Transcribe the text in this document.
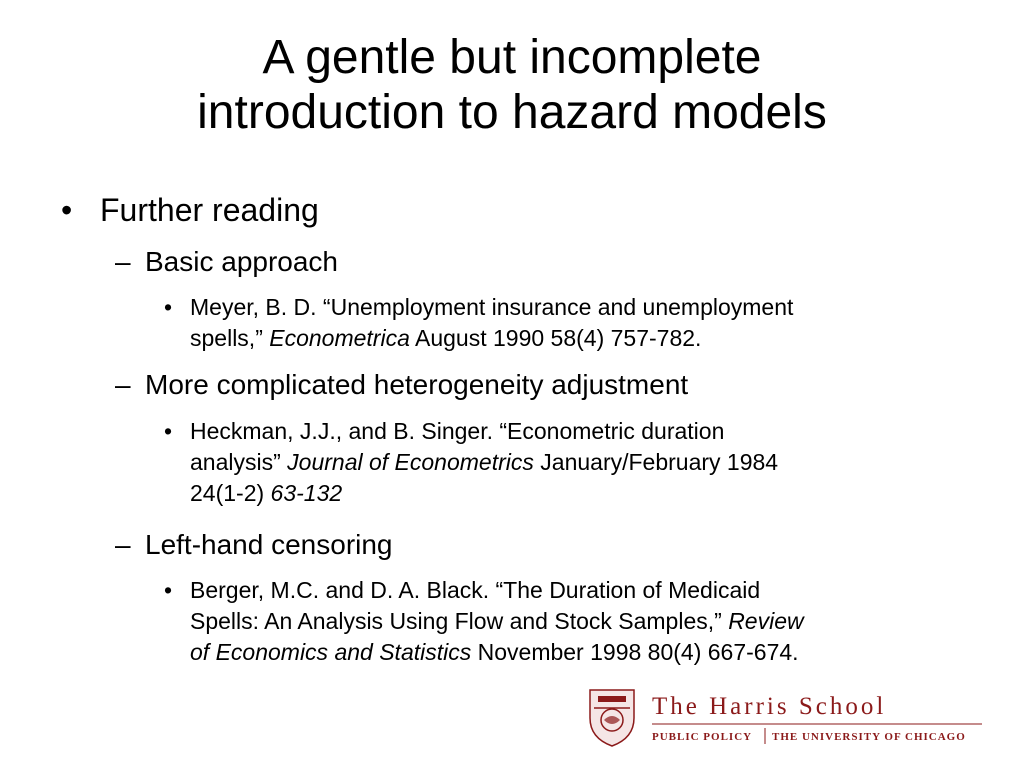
A gentle but incomplete
introduction to hazard models
• Further reading
– Basic approach
• Meyer, B. D. “Unemployment insurance and unemployment
spells,” Econometrica August 1990 58(4) 757-782.
– More complicated heterogeneity adjustment
• Heckman, J.J., and B. Singer. “Econometric duration
analysis” Journal of Econometrics January/February 1984
24(1-2) 63-132
– Left-hand censoring
• Berger, M.C. and D. A. Black. “The Duration of Medicaid
Spells: An Analysis Using Flow and Stock Samples,” Review
of Economics and Statistics November 1998 80(4) 667-674.
The Harris School
PUBLIC POLICY THE UNIVERSITY OF CHICAGO
